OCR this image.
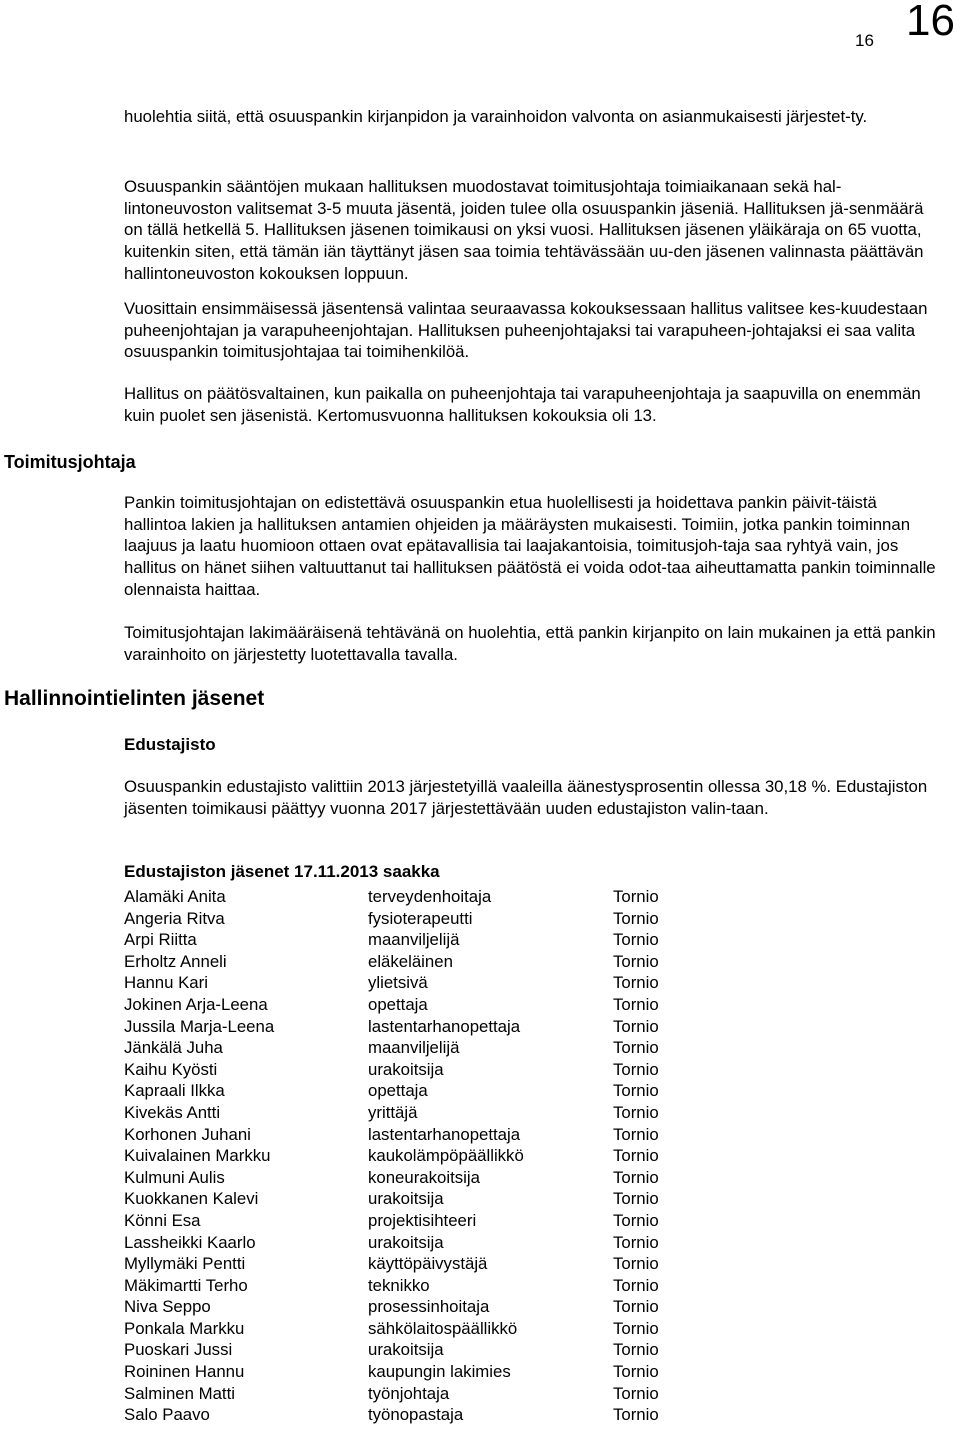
16 16

huolehtia siitä, että osuuspankin kirjanpidon ja varainhoidon valvonta on asianmukaisesti järjestet-ty.

Osuuspankin sääntöjen mukaan hallituksen muodostavat toimitusjohtaja toimiaikanaan sekä hal-lintoneuvoston valitsemat 3-5 muuta jäsentä, joiden tulee olla osuuspankin jäseniä. Hallituksen jä-senmäärä on tällä hetkellä 5. Hallituksen jäsenen toimikausi on yksi vuosi. Hallituksen jäsenen yläikäraja on 65 vuotta, kuitenkin siten, että tämän iän täyttänyt jäsen saa toimia tehtävässään uu-den jäsenen valinnasta päättävän hallintoneuvoston kokouksen loppuun.

Vuosittain ensimmäisessä jäsentensä valintaa seuraavassa kokouksessaan hallitus valitsee kes-kuudestaan puheenjohtajan ja varapuheenjohtajan. Hallituksen puheenjohtajaksi tai varapuheen-johtajaksi ei saa valita osuuspankin toimitusjohtajaa tai toimihenkilöä.

Hallitus on päätösvaltainen, kun paikalla on puheenjohtaja tai varapuheenjohtaja ja saapuvilla on enemmän kuin puolet sen jäsenistä. Kertomusvuonna hallituksen kokouksia oli 13.

Toimitusjohtaja

Pankin toimitusjohtajan on edistettävä osuuspankin etua huolellisesti ja hoidettava pankin päivit-täistä hallintoa lakien ja hallituksen antamien ohjeiden ja määräysten mukaisesti. Toimiin, jotka pankin toiminnan laajuus ja laatu huomioon ottaen ovat epätavallisia tai laajakantoisia, toimitusjoh-taja saa ryhtyä vain, jos hallitus on hänet siihen valtuuttanut tai hallituksen päätöstä ei voida odot-taa aiheuttamatta pankin toiminnalle olennaista haittaa.

Toimitusjohtajan lakimääräisenä tehtävänä on huolehtia, että pankin kirjanpito on lain mukainen ja että pankin varainhoito on järjestetty luotettavalla tavalla.

Hallinnointielinten jäsenet
Edustajisto

Osuuspankin edustajisto valittiin 2013 järjestetyillä vaaleilla äänestysprosentin ollessa 30,18 %. Edustajiston jäsenten toimikausi päättyy vuonna 2017 järjestettävään uuden edustajiston valin-taan.

Edustajiston jäsenet 17.11.2013 saakka
Alamäki Anita	terveydenhoitaja	Tornio
Angeria Ritva	fysioterapeutti	Tornio
Arpi Riitta	maanviljelijä	Tornio
Erholtz Anneli	eläkeläinen	Tornio
Hannu Kari	ylietsivä	Tornio
Jokinen Arja-Leena	opettaja	Tornio
Jussila Marja-Leena	lastentarhanopettaja	Tornio
Jänkälä Juha	maanviljelijä	Tornio
Kaihu Kyösti	urakoitsija	Tornio
Kapraali Ilkka	opettaja	Tornio
Kivekäs Antti	yrittäjä	Tornio
Korhonen Juhani	lastentarhanopettaja	Tornio
Kuivalainen Markku	kaukolämpöpäällikkö	Tornio
Kulmuni Aulis	koneurakoitsija	Tornio
Kuokkanen Kalevi	urakoitsija	Tornio
Könni Esa	projektisihteeri	Tornio
Lassheikki Kaarlo	urakoitsija	Tornio
Myllymäki Pentti	käyttöpäivystäjä	Tornio
Mäkimartti Terho	teknikko	Tornio
Niva Seppo	prosessinhoitaja	Tornio
Ponkala Markku	sähkölaitospäällikkö	Tornio
Puoskari Jussi	urakoitsija	Tornio
Roininen Hannu	kaupungin lakimies	Tornio
Salminen Matti	työnjohtaja	Tornio
Salo Paavo	työnopastaja	Tornio
